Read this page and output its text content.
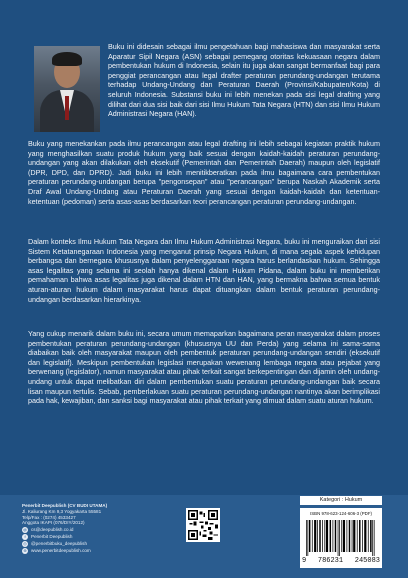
Buku ini didesain sebagai ilmu pengetahuan bagi mahasiswa dan masyarakat serta Aparatur Sipil Negara (ASN) sebagai pemegang otoritas kekuasaan negara dalam pembentukan hukum di Indonesia, selain itu juga akan sangat bermanfaat bagi para penggiat perancangan atau legal drafter peraturan perundang-undangan terutama terhadap Undang-Undang dan Peraturan Daerah (Provinsi/Kabupaten/Kota) di seluruh Indonesia. Substansi buku ini lebih menekan pada sisi legal drafting yang dilihat dari dua sisi baik dari sisi Ilmu Hukum Tata Negara (HTN) dan sisi Ilmu Hukum Administrasi Negara (HAN).

Buku yang menekankan pada ilmu perancangan atau legal drafting ini lebih sebagai kegiatan praktik hukum yang menghasilkan suatu produk hukum yang baik sesuai dengan kaidah-kaidah peraturan perundang-undangan yang akan dilakukan oleh eksekutif (Pemerintah dan Pemerintah Daerah) maupun oleh legislatif (DPR, DPD, dan DPRD). Jadi buku ini lebih menitikberatkan pada ilmu bagaimana cara pembentukan peraturan perundang-undangan berupa "pengonsepan" atau "perancangan" berupa Naskah Akademik serta Draf Awal Undang-Undang atau Peraturan Daerah yang sesuai dengan kaidah-kaidah dan ketentuan-ketentuan (pedoman) serta asas-asas berdasarkan teori perancangan peraturan perundang-undangan.

Dalam konteks Ilmu Hukum Tata Negara dan Ilmu Hukum Administrasi Negara, buku ini menguraikan dari sisi Sistem Ketatanegaraan Indonesia yang menganut prinsip Negara Hukum, di mana segala aspek kehidupan berbangsa dan bernegara khususnya dalam penyelenggaraan negara harus berlandaskan hukum. Sehingga asas legalitas yang selama ini seolah hanya dikenal dalam Hukum Pidana, dalam buku ini memberikan pemahaman bahwa asas legalitas juga dikenal dalam HTN dan HAN, yang bermakna bahwa semua bentuk aturan-aturan hukum dalam masyarakat harus dapat dituangkan dalam bentuk peraturan perundang-undangan berdasarkan hierarkinya.

Yang cukup menarik dalam buku ini, secara umum memaparkan bagaimana peran masyarakat dalam proses pembentukan peraturan perundang-undangan (khususnya UU dan Perda) yang selama ini sama-sama diabaikan baik oleh masyarakat maupun oleh pembentuk peraturan perundang-undangan sendiri (eksekutif dan legislatif). Meskipun pembentukan legislasi merupakan wewenang lembaga negara atau pejabat yang berwenang (legislator), namun masyarakat atau pihak terkait sangat berkepentingan dan dijamin oleh undang-undang untuk dapat melibatkan diri dalam pembentukan suatu peraturan perundang-undangan baik secara lisan maupun tertulis. Sebab, pemberlakuan suatu peraturan perundang-undangan nantinya akan berimplikasi pada hak, kewajiban, dan sanksi bagi masyarakat atau pihak terkait yang dimuat dalam suatu aturan hukum.

Penerbit Deepublish (CV BUDI UTAMA)
Jl. Kaliurang Km 9,3 Yogyakarta 55581
Telp/Fax : (0274) 4533427
Anggota IKAPI (076/DIY/2012)
@ cs@deepublish.co.id
f	Penerbit Deepublish
◎ @penerbitbuku_deepublish
⊕ www.penerbitdeepublish.com
Kategori : Hukum
ISBN 978-623-124-606-3 (PDF)
9 786231 245083
